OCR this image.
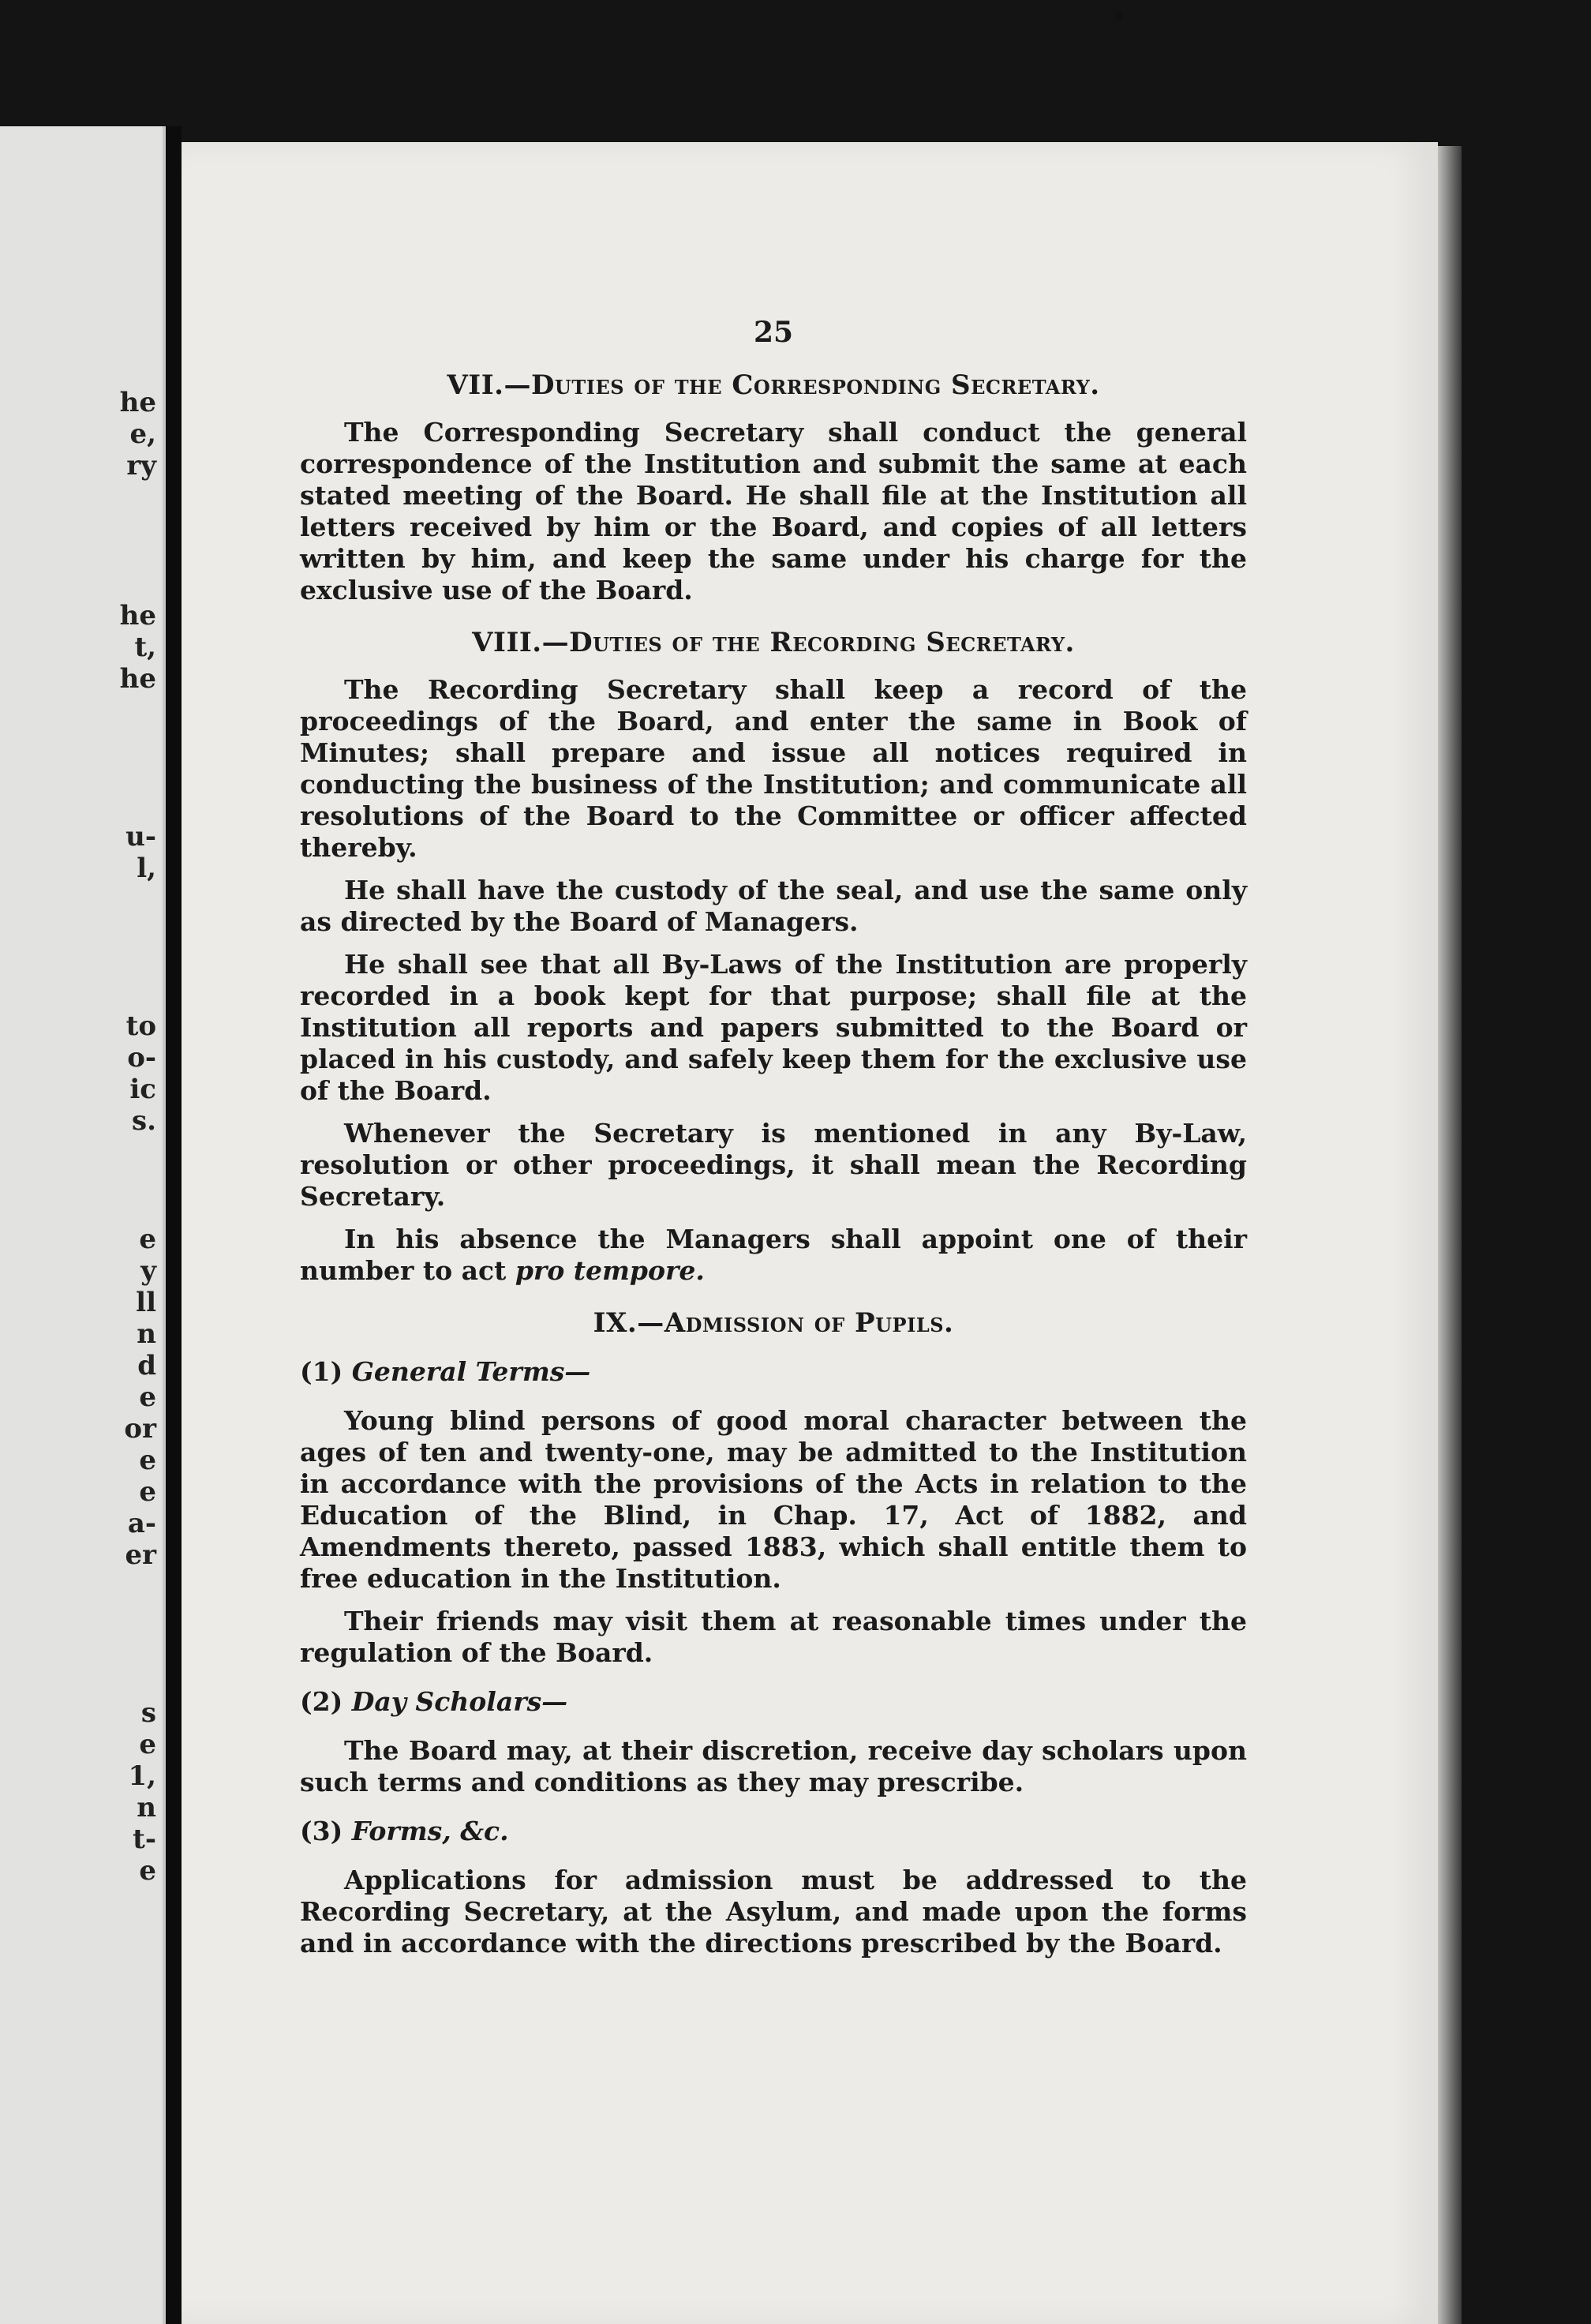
he
e,
ry
he
t,
he
u-
l,
to
o-
ic
s.
e
y
ll
n
d
e
or
e
e
a-
er
s
e
1,
n
t-
e
25
VII.—Duties of the Corresponding Secretary.

The Corresponding Secretary shall conduct the general correspondence of the Institution and submit the same at each stated meeting of the Board. He shall file at the Institution all letters received by him or the Board, and copies of all letters written by him, and keep the same under his charge for the exclusive use of the Board.

VIII.—Duties of the Recording Secretary.

The Recording Secretary shall keep a record of the proceedings of the Board, and enter the same in Book of Minutes; shall prepare and issue all notices required in conducting the business of the Institution; and communicate all resolutions of the Board to the Committee or officer affected thereby.

He shall have the custody of the seal, and use the same only as directed by the Board of Managers.

He shall see that all By-Laws of the Institution are properly recorded in a book kept for that purpose; shall file at the Institution all reports and papers submitted to the Board or placed in his custody, and safely keep them for the exclusive use of the Board.

Whenever the Secretary is mentioned in any By-Law, resolution or other proceedings, it shall mean the Recording Secretary.

In his absence the Managers shall appoint one of their number to act pro tempore.

IX.—Admission of Pupils.
(1) General Terms—

Young blind persons of good moral character between the ages of ten and twenty-one, may be admitted to the Institution in accordance with the provisions of the Acts in relation to the Education of the Blind, in Chap. 17, Act of 1882, and Amendments thereto, passed 1883, which shall entitle them to free education in the Institution.

Their friends may visit them at reasonable times under the regulation of the Board.

(2) Day Scholars—

The Board may, at their discretion, receive day scholars upon such terms and conditions as they may prescribe.

(3) Forms, &c.

Applications for admission must be addressed to the Recording Secretary, at the Asylum, and made upon the forms and in accordance with the directions prescribed by the Board.
